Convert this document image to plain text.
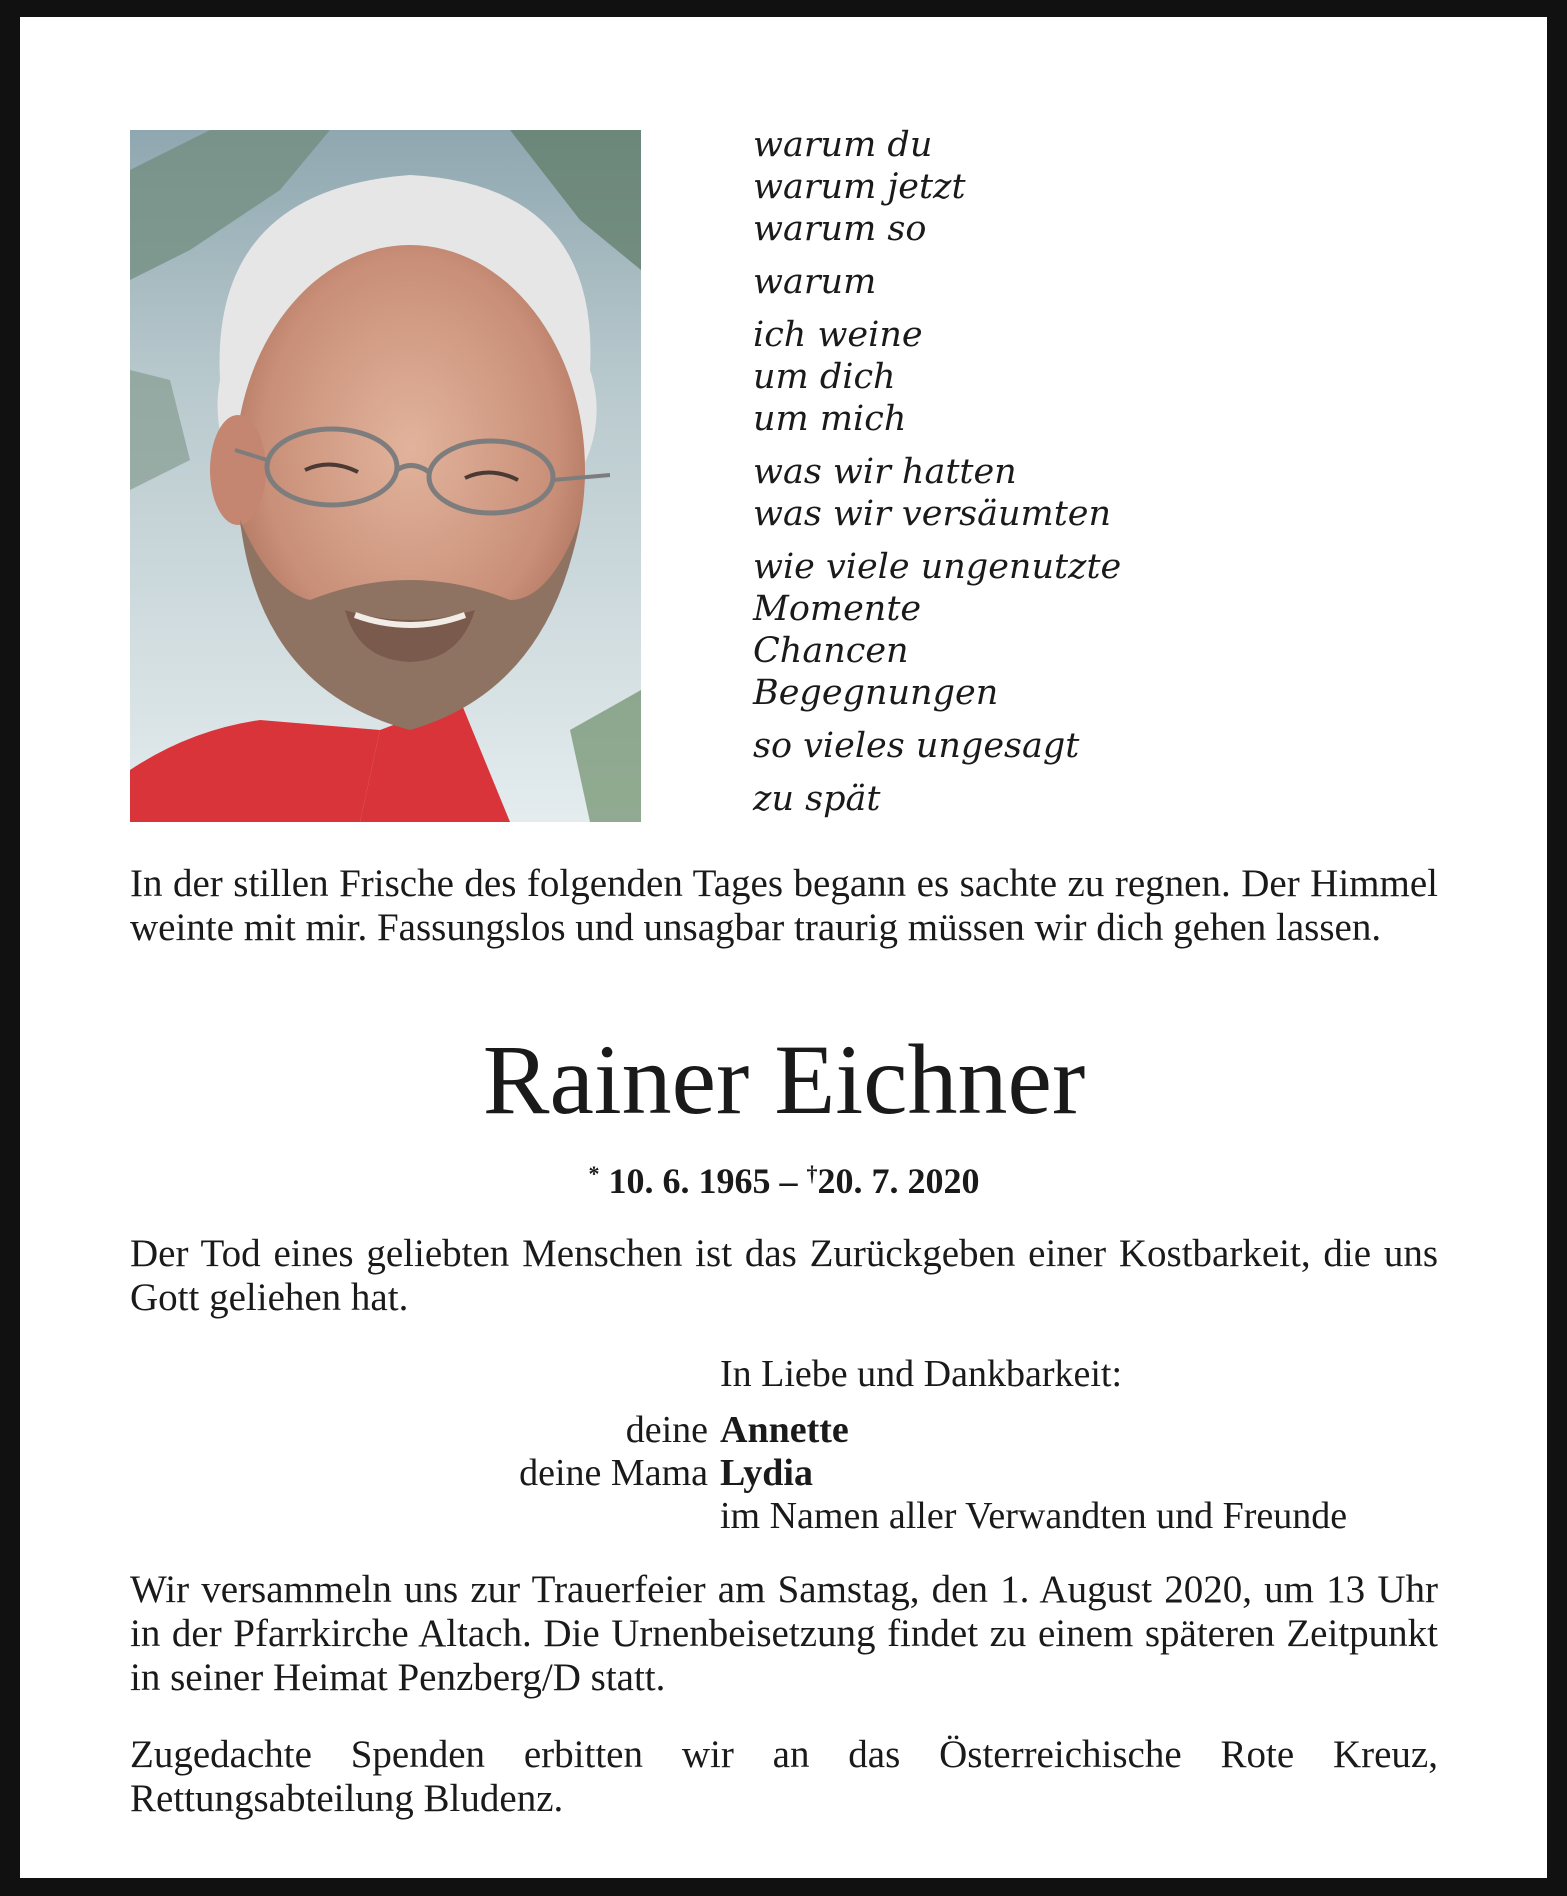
warum du
warum jetzt
warum so
warum
ich weine
um dich
um mich
was wir hatten
was wir versäumten
wie viele ungenutzte
Momente
Chancen
Begegnungen
so vieles ungesagt
zu spät
In der stillen Frische des folgenden Tages begann es sachte zu regnen. Der Himmel weinte mit mir. Fassungslos und unsagbar traurig müssen wir dich gehen lassen.
Rainer Eichner
* 10. 6. 1965 – †20. 7. 2020
Der Tod eines geliebten Menschen ist das Zurückgeben einer Kostbarkeit, die uns Gott geliehen hat.
In Liebe und Dankbarkeit:
deine Annette
deine Mama Lydia
im Namen aller Verwandten und Freunde
Wir versammeln uns zur Trauerfeier am Samstag, den 1. August 2020, um 13 Uhr in der Pfarrkirche Altach. Die Urnenbeisetzung findet zu einem späteren Zeitpunkt in seiner Heimat Penzberg/D statt.
Zugedachte Spenden erbitten wir an das Österreichische Rote Kreuz, Rettungsabteilung Bludenz.
